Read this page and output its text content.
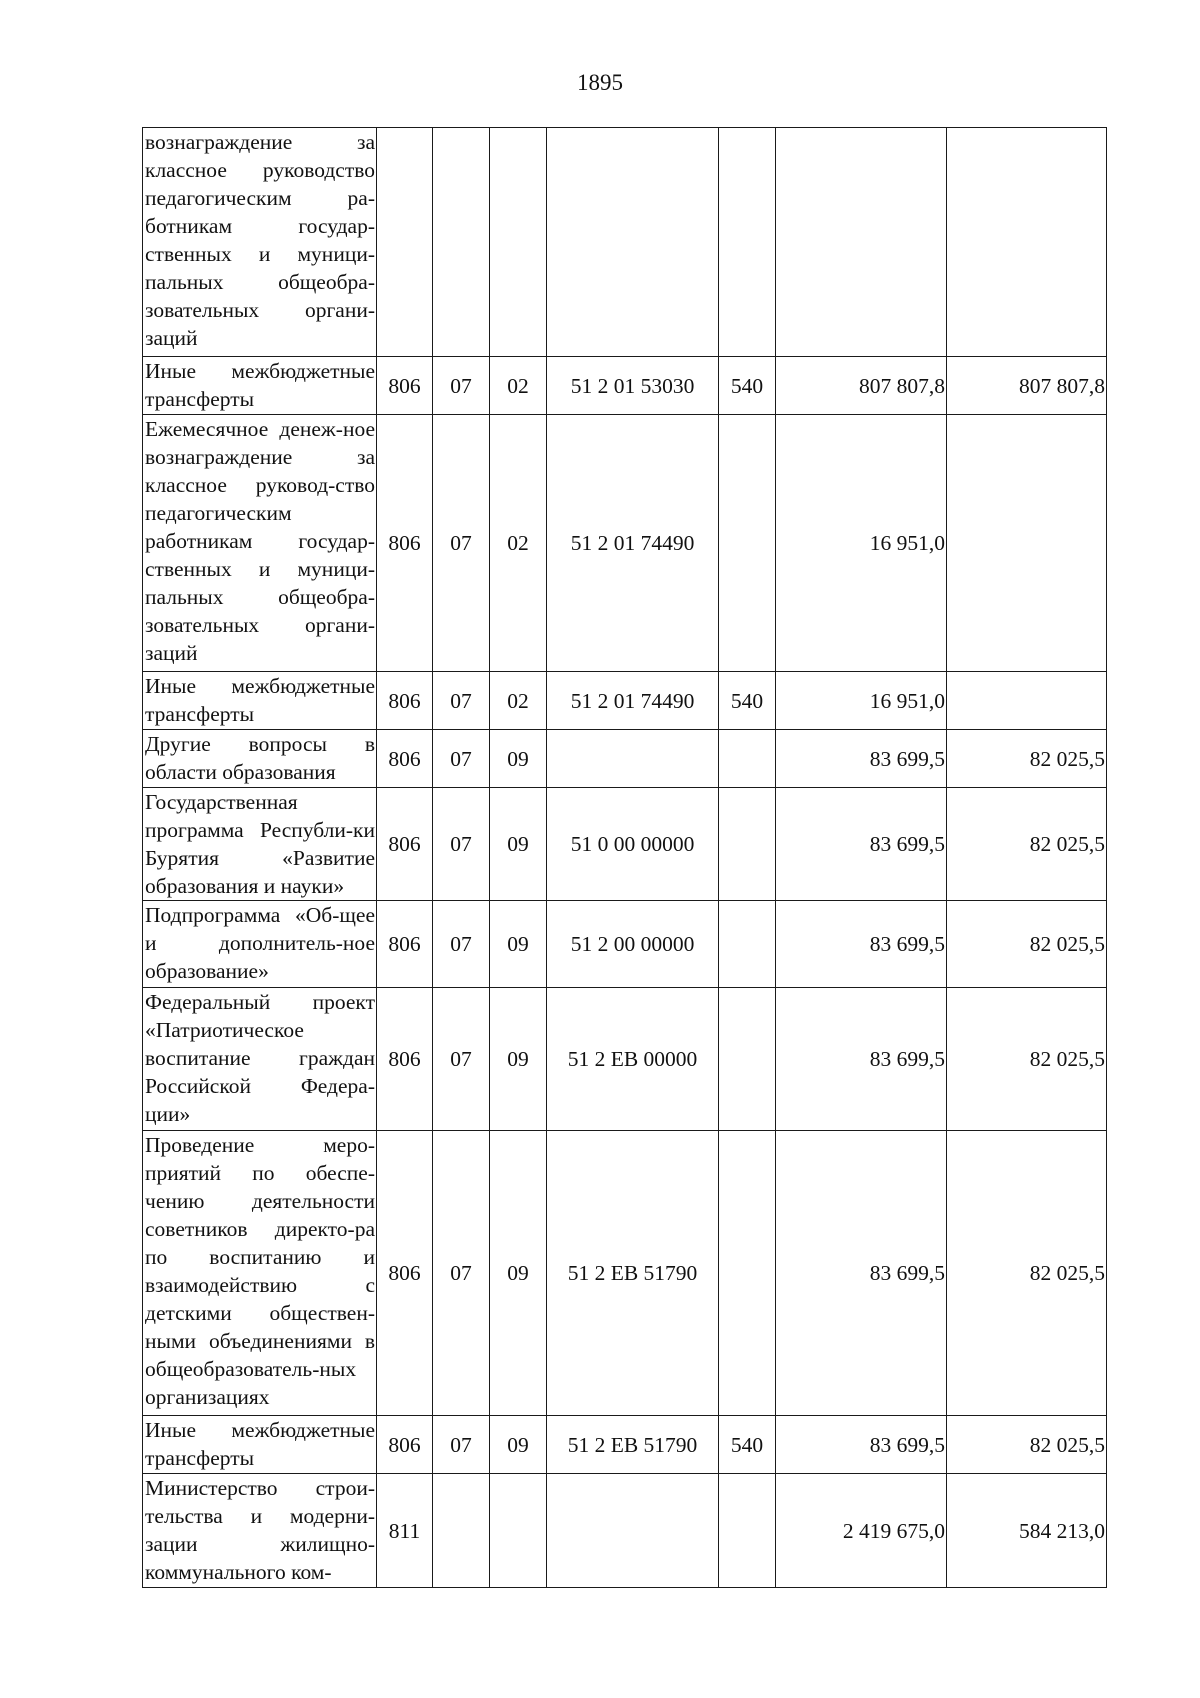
1895
вознаграждение за классное руководство педагогическим ра-ботникам государ-ственных и муници-пальных общеобра-зовательных органи-заций							
Иные межбюджетные трансферты	806	07	02	51 2 01 53030	540	807 807,8	807 807,8
Ежемесячное денеж-ное вознаграждение за классное руковод-ство педагогическим работникам государ-ственных и муници-пальных общеобра-зовательных органи-заций	806	07	02	51 2 01 74490		16 951,0	
Иные межбюджетные трансферты	806	07	02	51 2 01 74490	540	16 951,0	
Другие вопросы в области образования	806	07	09			83 699,5	82 025,5
Государственная программа Республи-ки Бурятия «Развитие образования и науки»	806	07	09	51 0 00 00000		83 699,5	82 025,5
Подпрограмма «Об-щее и дополнитель-ное образование»	806	07	09	51 2 00 00000		83 699,5	82 025,5
Федеральный проект «Патриотическое воспитание граждан Российской Федера-ции»	806	07	09	51 2 EB 00000		83 699,5	82 025,5
Проведение меро-приятий по обеспе-чению деятельности советников директо-ра по воспитанию и взаимодействию с детскими обществен-ными объединениями в общеобразователь-ных организациях	806	07	09	51 2 EB 51790		83 699,5	82 025,5
Иные межбюджетные трансферты	806	07	09	51 2 EB 51790	540	83 699,5	82 025,5
Министерство строи-тельства и модерни-зации жилищно-коммунального ком-	811					2 419 675,0	584 213,0
